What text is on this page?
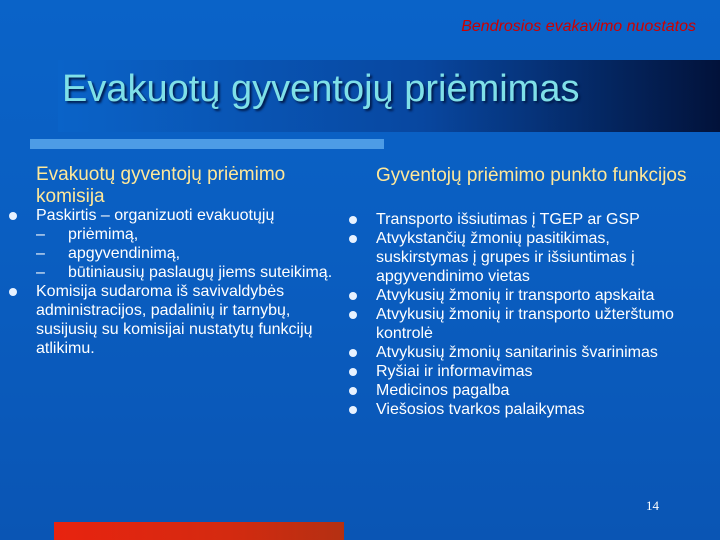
Bendrosios evakavimo nuostatos
Evakuotų gyventojų priėmimas
Evakuotų gyventojų priėmimo komisija
Paskirtis – organizuoti evakuotųjų
– priėmimą,
– apgyvendinimą,
– būtiniausių paslaugų jiems suteikimą.
Komisija sudaroma iš savivaldybės administracijos, padalinių ir tarnybų, susijusių su komisijai nustatytų funkcijų atlikimu.
Gyventojų priėmimo punkto funkcijos
Transporto išsiutimas į TGEP ar GSP
Atvykstančių žmonių pasitikimas, suskirstymas į grupes ir išsiuntimas į apgyvendinimo vietas
Atvykusių žmonių ir transporto apskaita
Atvykusių žmonių ir transporto užterštumo kontrolė
Atvykusių žmonių sanitarinis švarinimas
Ryšiai ir informavimas
Medicinos pagalba
Viešosios tvarkos palaikymas
14
